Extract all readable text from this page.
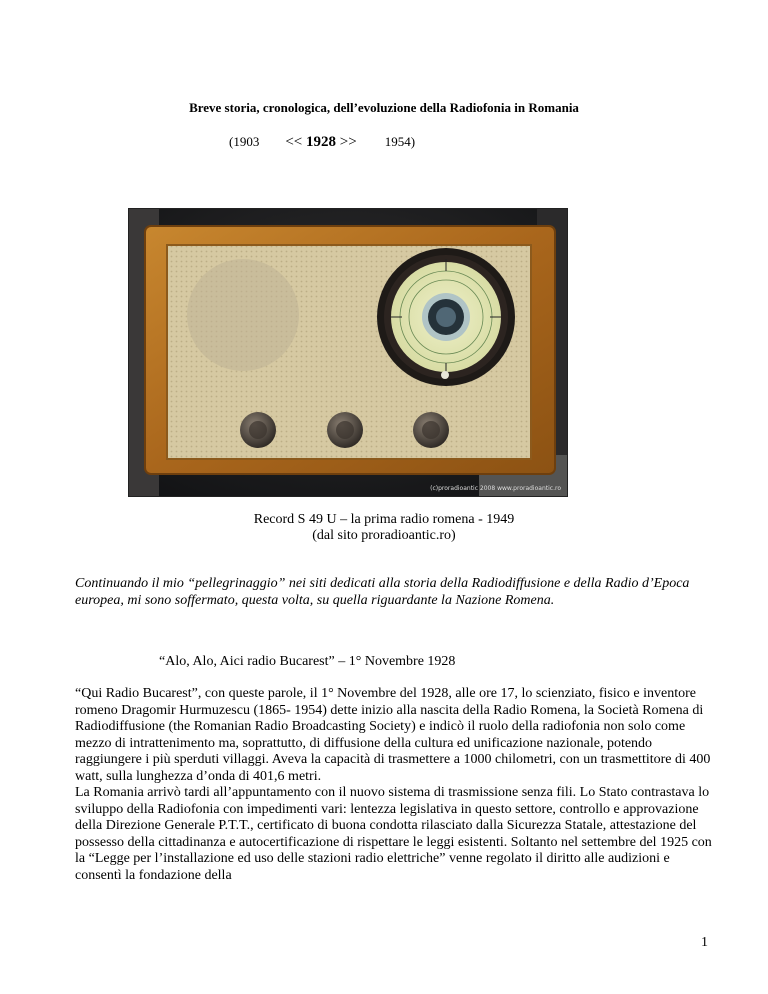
Breve storia, cronologica, dell’evoluzione della Radiofonia in Romania
(1903 << 1928 >> 1954)
(c)proradioantic 2008 www.proradioantic.ro
Record S 49 U – la prima radio romena - 1949
(dal sito proradioantic.ro)
Continuando il mio “pellegrinaggio” nei siti dedicati alla storia della Radiodiffusione e della Radio d’Epoca europea, mi sono soffermato, questa volta, su quella riguardante la Nazione Romena.
“Alo, Alo, Aici radio Bucarest” – 1° Novembre 1928

“Qui Radio Bucarest”, con queste parole, il 1° Novembre del 1928, alle ore 17, lo scienziato, fisico e inventore romeno Dragomir Hurmuzescu (1865- 1954) dette inizio alla nascita della Radio Romena, la Società Romena di Radiodiffusione (the Romanian Radio Broadcasting Society) e indicò il ruolo della radiofonia non solo come mezzo di intrattenimento ma, soprattutto, di diffusione della cultura ed unificazione nazionale, potendo raggiungere i più sperduti villaggi. Aveva la capacità di trasmettere a 1000 chilometri, con un trasmettitore di 400 watt, sulla lunghezza d’onda di 401,6 metri.

La Romania arrivò tardi all’appuntamento con il nuovo sistema di trasmissione senza fili. Lo Stato contrastava lo sviluppo della Radiofonia con impedimenti vari: lentezza legislativa in questo settore, controllo e approvazione della Direzione Generale P.T.T., certificato di buona condotta rilasciato dalla Sicurezza Statale, attestazione del possesso della cittadinanza e autocertificazione di rispettare le leggi esistenti. Soltanto nel settembre del 1925 con la “Legge per l’installazione ed uso delle stazioni radio elettriche” venne regolato il diritto alle audizioni e consentì la fondazione della

1
